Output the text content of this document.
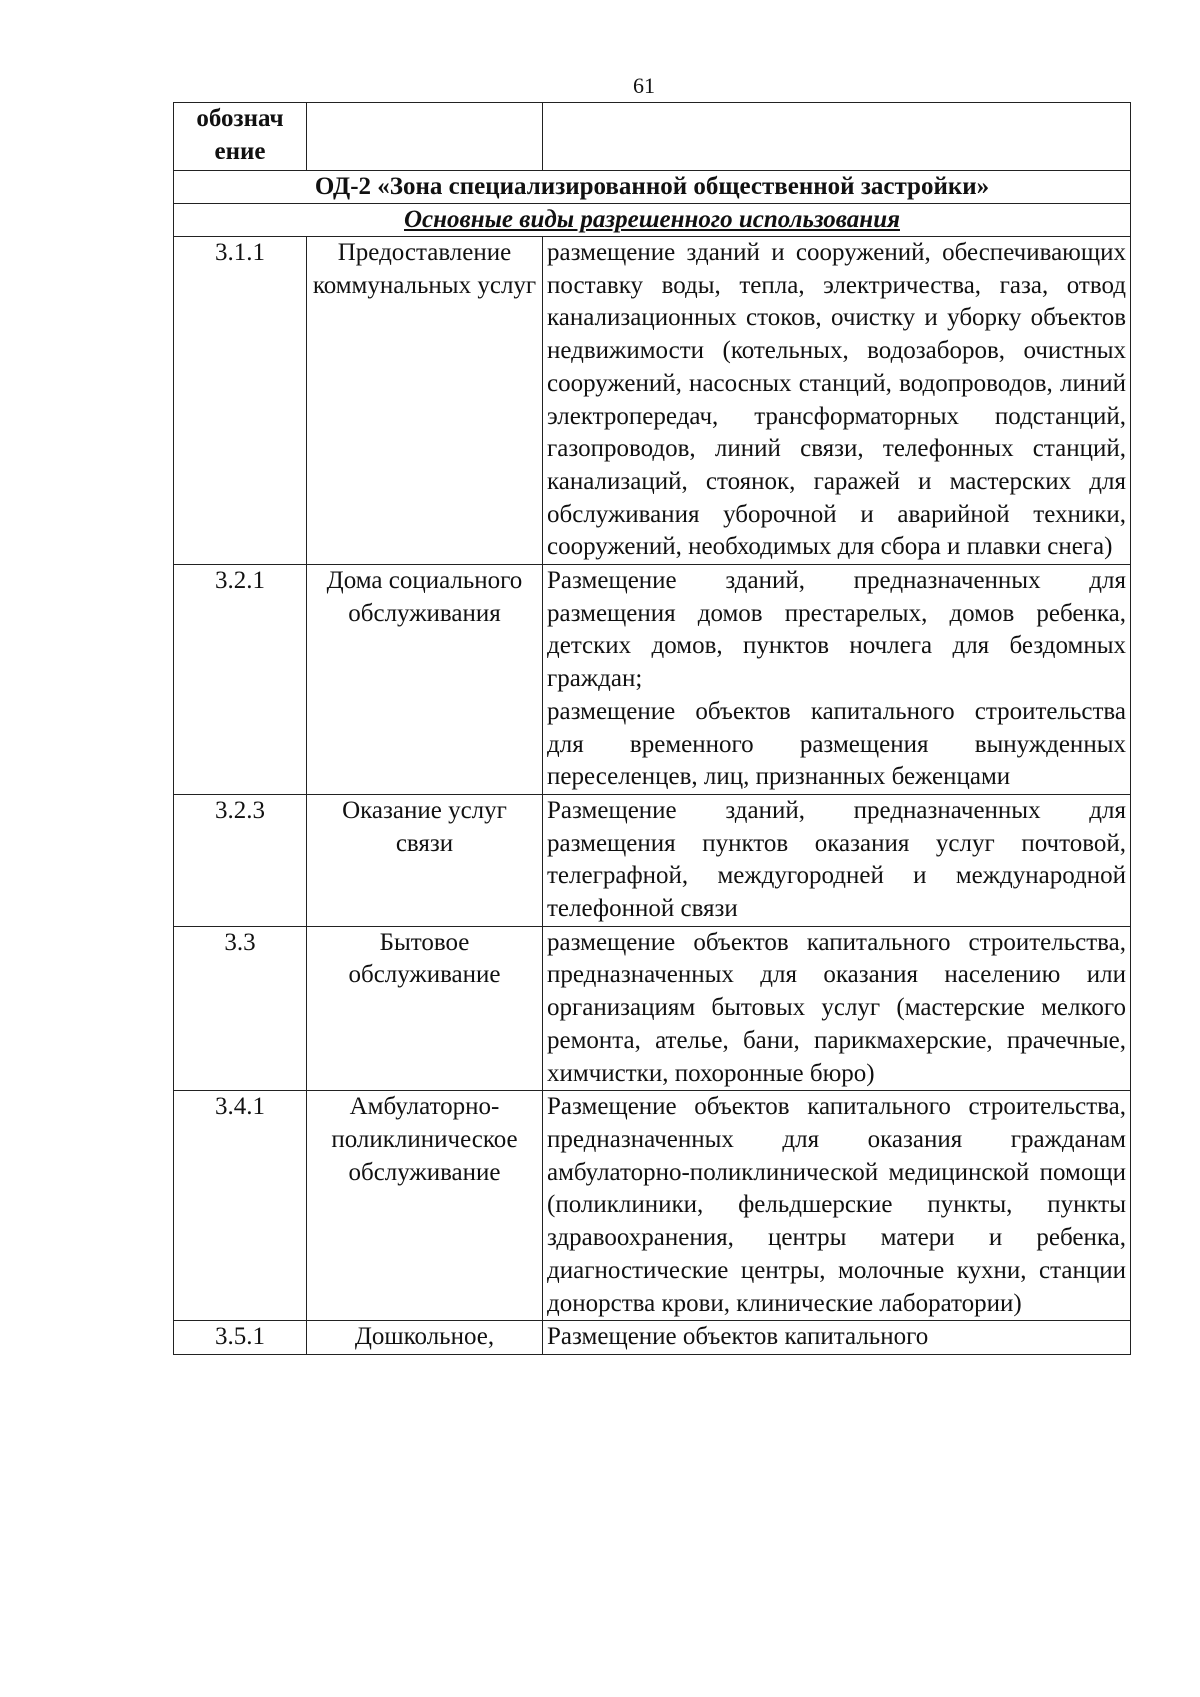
61
обознач
ение		
ОД-2 «Зона специализированной общественной застройки»		
Основные виды разрешенного использования		
3.1.1	Предоставление коммунальных услуг	размещение зданий и сооружений, обеспечивающих поставку воды, тепла, электричества, газа, отвод канализационных стоков, очистку и уборку объектов недвижимости (котельных, водозаборов, очистных сооружений, насосных станций, водопроводов, линий электропередач, трансформаторных подстанций, газопроводов, линий связи, телефонных станций, канализаций, стоянок, гаражей и мастерских для обслуживания уборочной и аварийной техники, сооружений, необходимых для сбора и плавки снега)

3.2.1	Дома социального обслуживания	Размещение зданий, предназначенных для размещения домов престарелых, домов ребенка, детских домов, пунктов ночлега для бездомных граждан;

размещение объектов капитального строительства для временного размещения вынужденных переселенцев, лиц, признанных беженцами

3.2.3	Оказание услуг связи	Размещение зданий, предназначенных для размещения пунктов оказания услуг почтовой, телеграфной, междугородней и международной телефонной связи

3.3	Бытовое обслуживание	размещение объектов капитального строительства, предназначенных для оказания населению или организациям бытовых услуг (мастерские мелкого ремонта, ателье, бани, парикмахерские, прачечные, химчистки, похоронные бюро)

3.4.1	Амбулаторно-поликлиническое обслуживание	Размещение объектов капитального строительства, предназначенных для оказания гражданам амбулаторно-поликлинической медицинской помощи (поликлиники, фельдшерские пункты, пункты здравоохранения, центры матери и ребенка, диагностические центры, молочные кухни, станции донорства крови, клинические лаборатории)

3.5.1	Дошкольное,	Размещение объектов капитального
